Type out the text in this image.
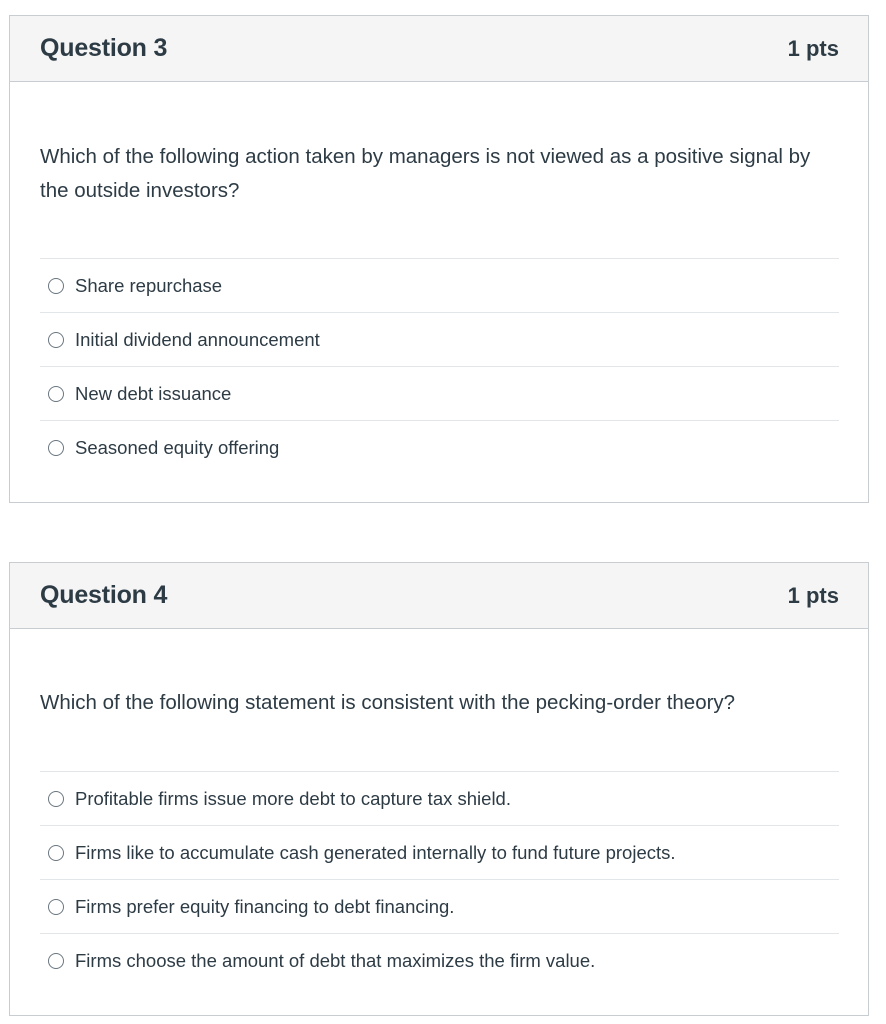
Question 3	1 pts

Which of the following action taken by managers is not viewed as a positive signal by the outside investors?

Share repurchase
Initial dividend announcement
New debt issuance
Seasoned equity offering
Question 4	1 pts

Which of the following statement is consistent with the pecking-order theory?

Profitable firms issue more debt to capture tax shield.
Firms like to accumulate cash generated internally to fund future projects.
Firms prefer equity financing to debt financing.
Firms choose the amount of debt that maximizes the firm value.
